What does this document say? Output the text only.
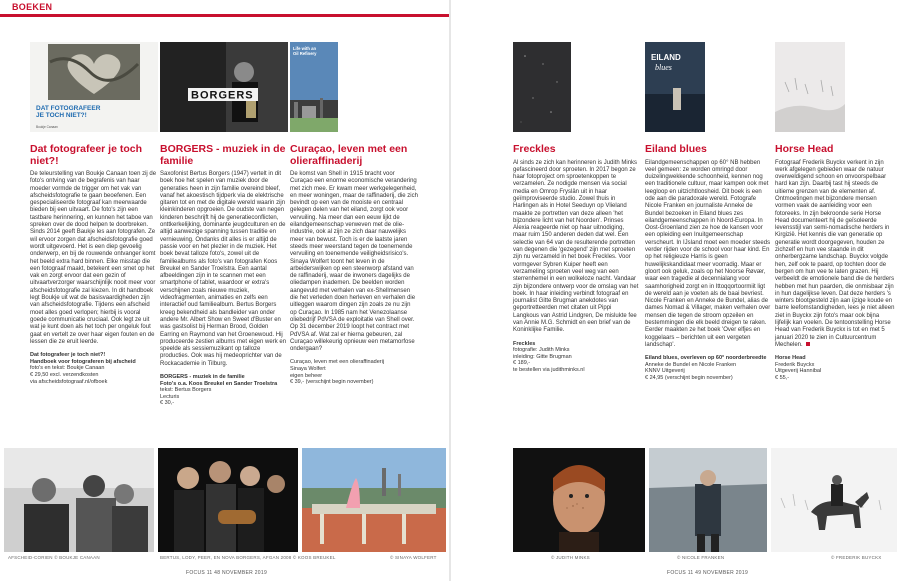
BOEKEN
DAT FOTOGRAFEER
JE TOCH NIET?!
Boukje Canaan
Dat fotografeer je toch niet?!
De teleurstelling van Boukje Canaan toen zij de foto's ontving van de begrafenis van haar moeder vormde de trigger om het vak van afscheidsfotografie te gaan beoefenen. Een gespecialiseerde fotograaf kan meerwaarde bieden bij een uitvaart. De foto's zijn een tastbare herinnering, en kunnen het taboe van spreken over de dood helpen te doorbreken. Sinds 2014 geeft Baukje les aan fotografen. Ze wil ervoor zorgen dat afscheidsfotografie goed wordt uitgevoerd. Het is een diep gevoelig onderwerp, en bij de rouwende ontvanger komt het beeld extra hard binnen. Elke misstap die een fotograaf maakt, betekent een smet op het vak en zorgt ervoor dat een gezin of uitvaartverzorger waarschijnlijk nooit meer voor afscheidsfotografie zal kiezen. In dit handboek legt Boukje uit wat de basisvaardigheden zijn van afscheidsfotografie. Tijdens een afscheid moet alles goed verlopen; hierbij is vooral goede communicatie cruciaal. Ook legt ze uit wat je kunt doen als het toch per ongeluk fout gaat en vertelt ze over haar eigen fouten en de lessen die ze eruit leerde.
Dat fotografeer je toch niet?!
Handboek voor fotograferen bij afscheid
foto's en tekst: Boukje Canaan
€ 29,50 excl. verzendkosten
via afscheidsfotograaf.nl/ofboek
BORGERS
BORGERS - muziek in de familie
Saxofonist Bertus Borgers (1947) vertelt in dit boek hoe het spelen van muziek door de generaties heen in zijn familie overeind bleef, vanaf het akoestisch tijdperk via de elektrische gitaren tot en met de digitale wereld waarin zijn kleinkinderen opgroeien. De oudste van negen kinderen beschrijft hij de generatieconflicten, onttkerkelijking, dominante jeugdculturen en de altijd aanwezige spanning tussen traditie en vernieuwing. Ondanks dit alles is er altijd de passie voor en het plezier in de muziek. Het boek bevat talloze foto's, zowel uit de familiealbums als foto's van fotografen Koos Breukel en Sander Troelstra. Een aantal afbeeldingen zijn in te scannen met een smartphone of tablet, waardoor er extra's verschijnen zoals nieuwe muziek, videofragmenten, animaties en zelfs een interactief oud familiealbum. Bertus Borgers kreeg bekendheid als bandleider van onder andere Mr. Albert Show en Sweet d'Buster en was gastsolist bij Herman Brood, Golden Earring en Raymond van het Groenewoud. Hij produceerde zestien albums met eigen werk en speelde als sessiemuzikant op talloze producties. Ook was hij medeoprichter van de Rockacademie in Tilburg.
BORGERS - muziek in de familie
Foto's o.a. Koos Breukel en Sander Troelstra
tekst: Bertus Borgers
Lecturis
€ 30,-
Life with an
Oil Refinery
Curaçao, leven met een olieraffinaderij
De komst van Shell in 1915 bracht voor Curaçao een enorme economische verandering met zich mee. Er kwam meer werkgelegenheid, en meer woningen, maar de raffinaderij, die zich bevindt op een van de mooiste en centraal gelegen delen van het eiland, zorgt ook voor vervuiling. Na meer dan een eeuw lijkt de eilandgemeenschap verweven met de olie-industrie, ook al zijn ze zich daar nauwelijks meer van bewust. Toch is er de laatste jaren steeds meer weerstand tegen de toenemende vervuiling en toenemende veiligheidsrisico's. Sinaya Wolfert toont het leven in de arbeiderswijken op een steenworp afstand van de raffinaderij, waar de inwoners dagelijks de oliedampen inademen. De beelden worden aangevuld met verhalen van ex-Shellmensen die het verleden doen herleven en verhalen die uitleggen waarom dingen zijn zoals ze nu zijn op Curaçao. In 1985 nam het Venezolaanse oliebedrijf PdVSA de exploitatie van Shell over. Op 31 december 2019 loopt het contract met PdVSA af. Wat zal er hierna gebeuren, zal Curaçao willekeurig opnieuw een metamorfose ondergaan?
Curaçao, leven met een olieraffinaderij
Sinaya Wolfert
eigen beheer
€ 39,- (verschijnt begin november)
AFSCHEID-CORIEN © BOUKJE CANAAN	BERTUS, LODY, PEER, EN NOVA BORGERS, AFGAN 2008 © KOOS BREUKEL	© SINAYA WOLFERT
FOCUS 11 48 NOVEMBER 2019
Freckles
Al sinds ze zich kan herinneren is Judith Minks gefascineerd door sproeten. In 2017 begon ze haar fotoproject om sproetenkoppen te verzamelen. Ze nodigde mensen via social media en Omrop Fryslân uit in haar geïmproviseerde studio. Zowel thuis in Harlingen als in Hotel Seeduyn op Vlieland maakte ze portretten van deze alleen 'het bijzondere licht van het Noorden'. Prinses Alexia reageerde niet op haar uitnodiging, maar ruim 150 anderen deden dat wel. Een selectie van 64 van de resulterende portretten van degenen die 'gezegend' zijn met sproeten zijn nu verzameld in het boek Freckles. Voor vormgever Sybren Kuiper heeft een verzameling sproeten veel weg van een sterrenhemel in een wolkeloze nacht. Vandaar zijn bijzondere ontwerp voor de omslag van het boek. In haar inleiding verbindt fotograaf en journalist Gitte Brugman anekdotes van geportretteerden met citaten uit Pippi Langkous van Astrid Lindgren, De mislukte fee van Annie M.G. Schmidt en een brief van de Koninklijke Familie.
Freckles
fotografie: Judith Minks
inleiding: Gitte Brugman
€ 189,-
te bestellen via judithminks.nl
EILAND
blues
Eiland blues
Eilandgemeenschappen op 60° NB hebben veel gemeen: ze worden omringd door duizelingwekkende schoonheid, kennen nog een traditionele cultuur, maar kampen ook met leegloop en uitzichtloosheid. Dit boek is een ode aan die paradoxale wereld. Fotografe Nicole Franken en journaliste Anneke de Bundel bezoeken in Eiland blues zes eilandgemeenschappen in Noord-Europa. In Oost-Groenland zien ze hoe de kansen voor een opleiding een Inuitgemeenschap verscheurt. In IJsland moet een moeder steeds verder rijden voor de school voor haar kind. En op het religieuze Harris is geen huwelijkskandidaat meer voorradig. Maar er gloort ook geluk, zoals op het Noorse Røvær, waar een tragedie al decennialang voor saamhorigheid zorgt en in Ittoqqortoormiit ligt de wereld aan je voeten als de baai bevriest. Nicole Franken en Anneke de Bundel, alias de dames Nomad & Villager, maken verhalen over mensen die tegen de stroom opzeilen en bestemmingen die elk beeld dreigen te raken. Eerder maakten ze het boek 'Over elfjes en koggelaars – berichten uit een vergeten landschap'.
Eiland blues, overleven op 60° noorderbreedte
Anneke de Bundel en Nicole Franken
KNNV Uitgeverij
€ 24,95 (verschijnt begin november)
Horse Head
Fotograaf Frederik Buyckx verkent in zijn werk afgelegen gebieden waar de natuur overweldigend schoon en onvoorspelbaar hard kan zijn. Daarbij tast hij steeds de uitieme grenzen van de elementen af. Ontmoetingen met bijzondere mensen vormen vaak de aanleiding voor een fotoreeks. In zijn bekroonde serie Horse Head documenteert hij de geïsoleerde levensstijl van semi-nomadische herders in Kirgizië. Het kennis die van generatie op generatie wordt doorgegeven, houden ze zichzelf en hun vee staande in dit onherbergzame landschap. Buyckx volgde hen, zelf ook te paard, op tochten door de bergen om hun vee te laten grazen. Hij verbeeldt de emotionele band die de herders hebben met hun paarden, die onmisbaar zijn in hun dagelijkse leven. Dat deze herders 's winters blootgesteld zijn aan ijzige koude en barre leefomstandigheden, lees je niet alleen ziet in Buyckx zijn foto's maar ook bijna lijfelijk kan voelen. De tentoonstelling Horse Head van Frederik Buyckx is tot en met 5 januari 2020 te zien in Cultuurcentrum Mechelen.
Horse Head
Frederik Buyckx
Uitgeverij Hannibal
€ 55,-
© JUDITH MINKS	© NICOLE FRANKEN	© FREDERIK BUYCKX
FOCUS 11 49 NOVEMBER 2019
